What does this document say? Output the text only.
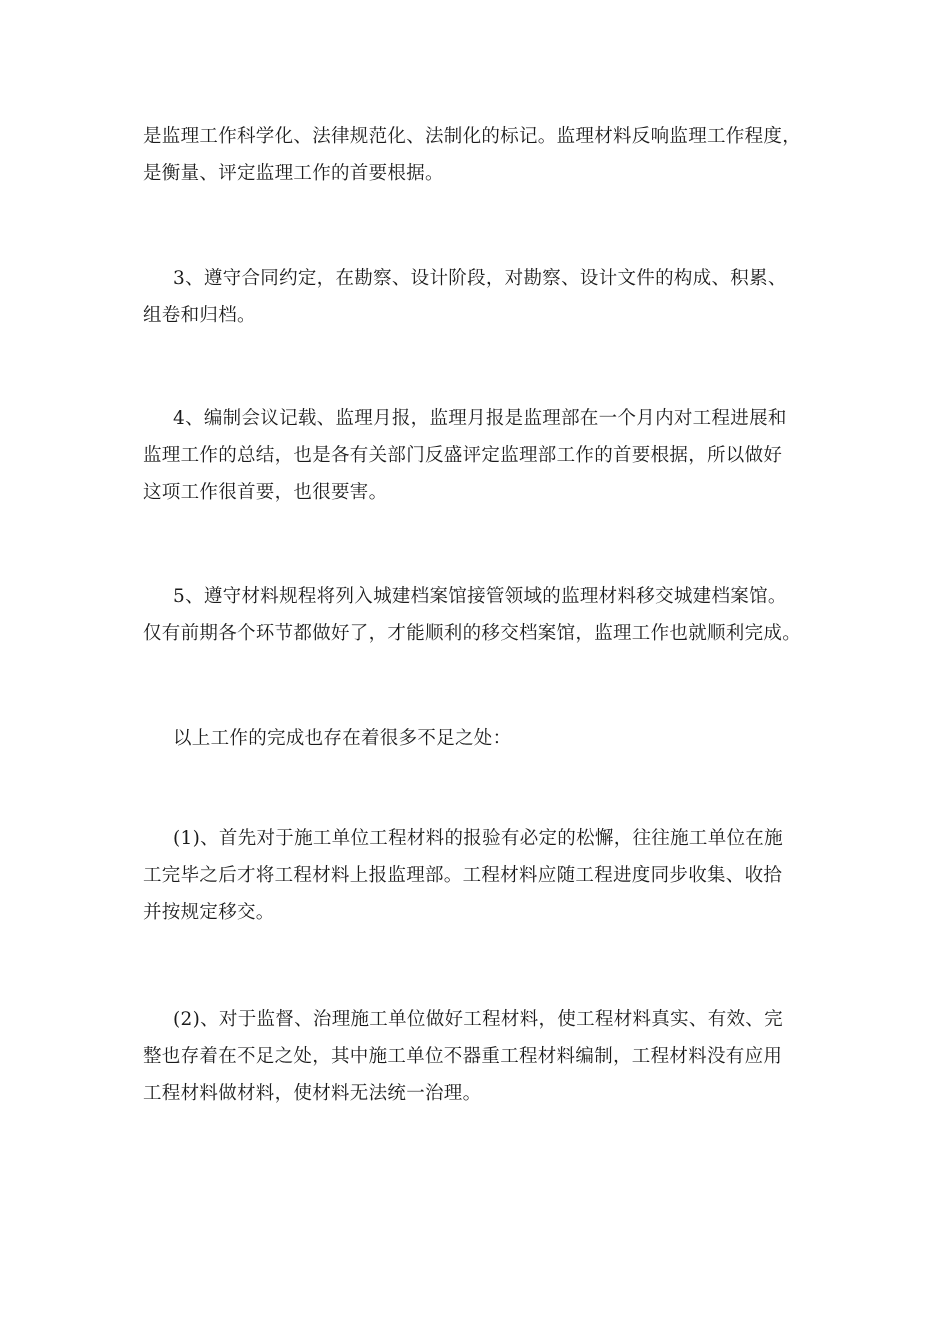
是监理工作科学化、法律规范化、法制化的标记。监理材料反响监理工作程度，
是衡量、评定监理工作的首要根据。

3、遵守合同约定，在勘察、设计阶段，对勘察、设计文件的构成、积累、
组卷和归档。

4、编制会议记载、监理月报，监理月报是监理部在一个月内对工程进展和
监理工作的总结，也是各有关部门反盛评定监理部工作的首要根据，所以做好
这项工作很首要，也很要害。

5、遵守材料规程将列入城建档案馆接管领域的监理材料移交城建档案馆。
仅有前期各个环节都做好了，才能顺利的移交档案馆，监理工作也就顺利完成。

以上工作的完成也存在着很多不足之处：

(1)、首先对于施工单位工程材料的报验有必定的松懈，往往施工单位在施
工完毕之后才将工程材料上报监理部。工程材料应随工程进度同步收集、收拾
并按规定移交。

(2)、对于监督、治理施工单位做好工程材料，使工程材料真实、有效、完
整也存着在不足之处，其中施工单位不器重工程材料编制，工程材料没有应用
工程材料做材料，使材料无法统一治理。
